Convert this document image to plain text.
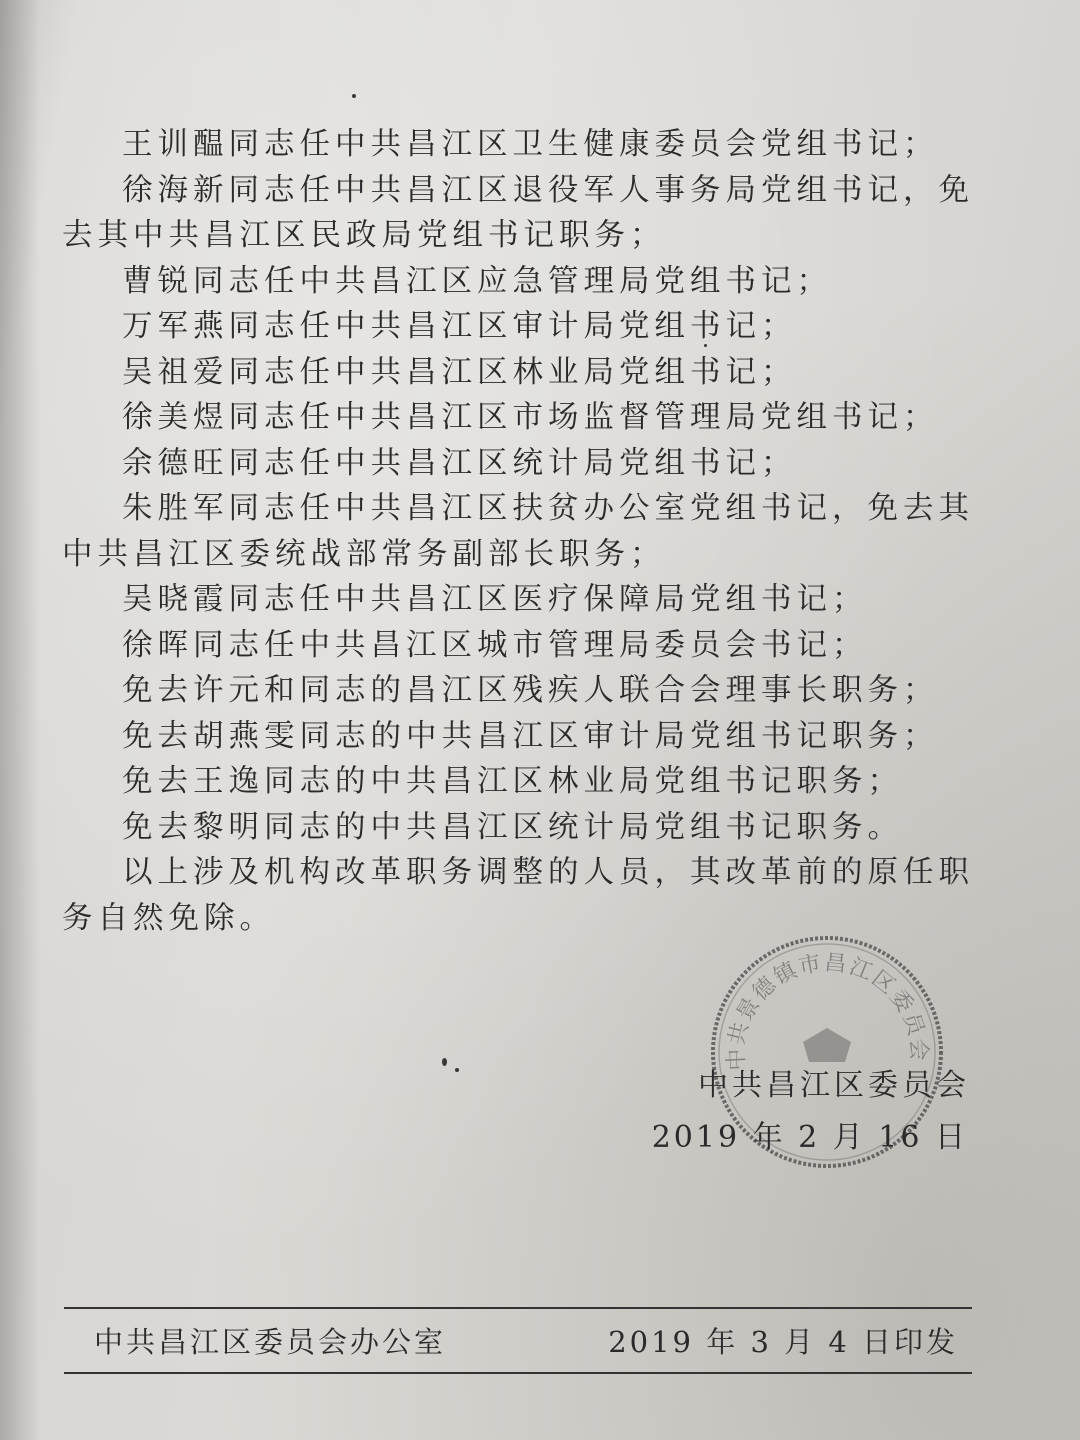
王训醖同志任中共昌江区卫生健康委员会党组书记；

徐海新同志任中共昌江区退役军人事务局党组书记，免去其中共昌江区民政局党组书记职务；

曹锐同志任中共昌江区应急管理局党组书记；

万军燕同志任中共昌江区审计局党组书记；

吴祖爱同志任中共昌江区林业局党组书记；

徐美煜同志任中共昌江区市场监督管理局党组书记；

余德旺同志任中共昌江区统计局党组书记；

朱胜军同志任中共昌江区扶贫办公室党组书记，免去其中共昌江区委统战部常务副部长职务；

吴晓霞同志任中共昌江区医疗保障局党组书记；

徐晖同志任中共昌江区城市管理局委员会书记；

免去许元和同志的昌江区残疾人联合会理事长职务；

免去胡燕雯同志的中共昌江区审计局党组书记职务；

免去王逸同志的中共昌江区林业局党组书记职务；

免去黎明同志的中共昌江区统计局党组书记职务。

以上涉及机构改革职务调整的人员，其改革前的原任职务自然免除。

中共景德镇市昌江区委员会
中共昌江区委员会
2019 年 2 月 16 日
中共昌江区委员会办公室	2019 年 3 月 4 日印发
